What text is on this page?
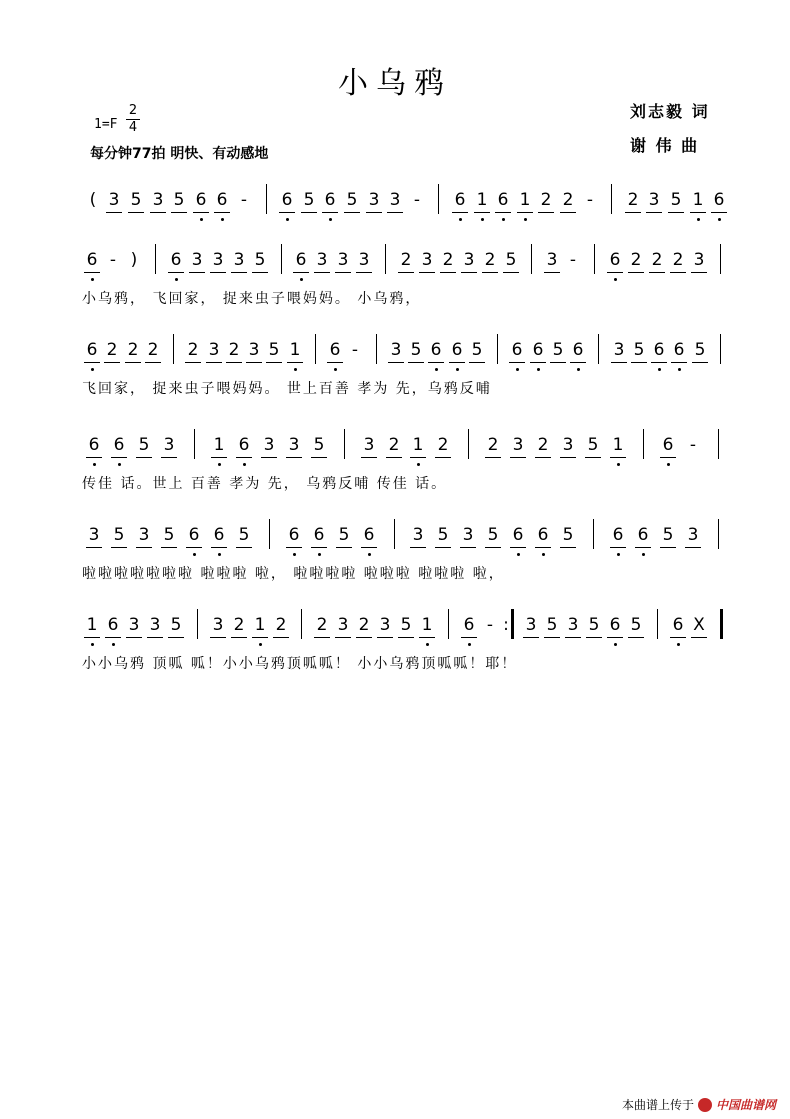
小乌鸦
1=F
2
4
每分钟77拍 明快、有动感地
刘志毅 词
谢 伟 曲
( 3 5 3 5 6 6 - 6 5 6 5 3 3 - 6 1 6 1 2 2 - 2 3 5 1 6
6 - ) 6 3 3 3 5 6 3 3 3 2 3 2 3 2 5 3 - 6 2 2 2 3
小乌鸦， 飞回家， 捉来虫子喂妈妈。 小乌鸦，
6 2 2 2 2 3 2 3 5 1 6 - 3 5 6 6 5 6 6 5 6 3 5 6 6 5
飞回家， 捉来虫子喂妈妈。 世上百善 孝为 先，乌鸦反哺
6 6 5 3 1 6 3 3 5 3 2 1 2 2 3 2 3 5 1 6 -
传佳 话。世上 百善 孝为 先， 乌鸦反哺 传佳 话。
3 5 3 5 6 6 5 6 6 5 6 3 5 3 5 6 6 5 6 6 5 3
啦啦啦啦啦啦啦 啦啦啦 啦， 啦啦啦啦 啦啦啦 啦啦啦 啦，
1 6 3 3 5 3 2 1 2 2 3 2 3 5 1 6 - : 3 5 3 5 6 5 6 X
小小乌鸦 顶呱 呱！小小乌鸦顶呱呱！ 小小乌鸦顶呱呱！耶！
本曲谱上传于 中国曲谱网
